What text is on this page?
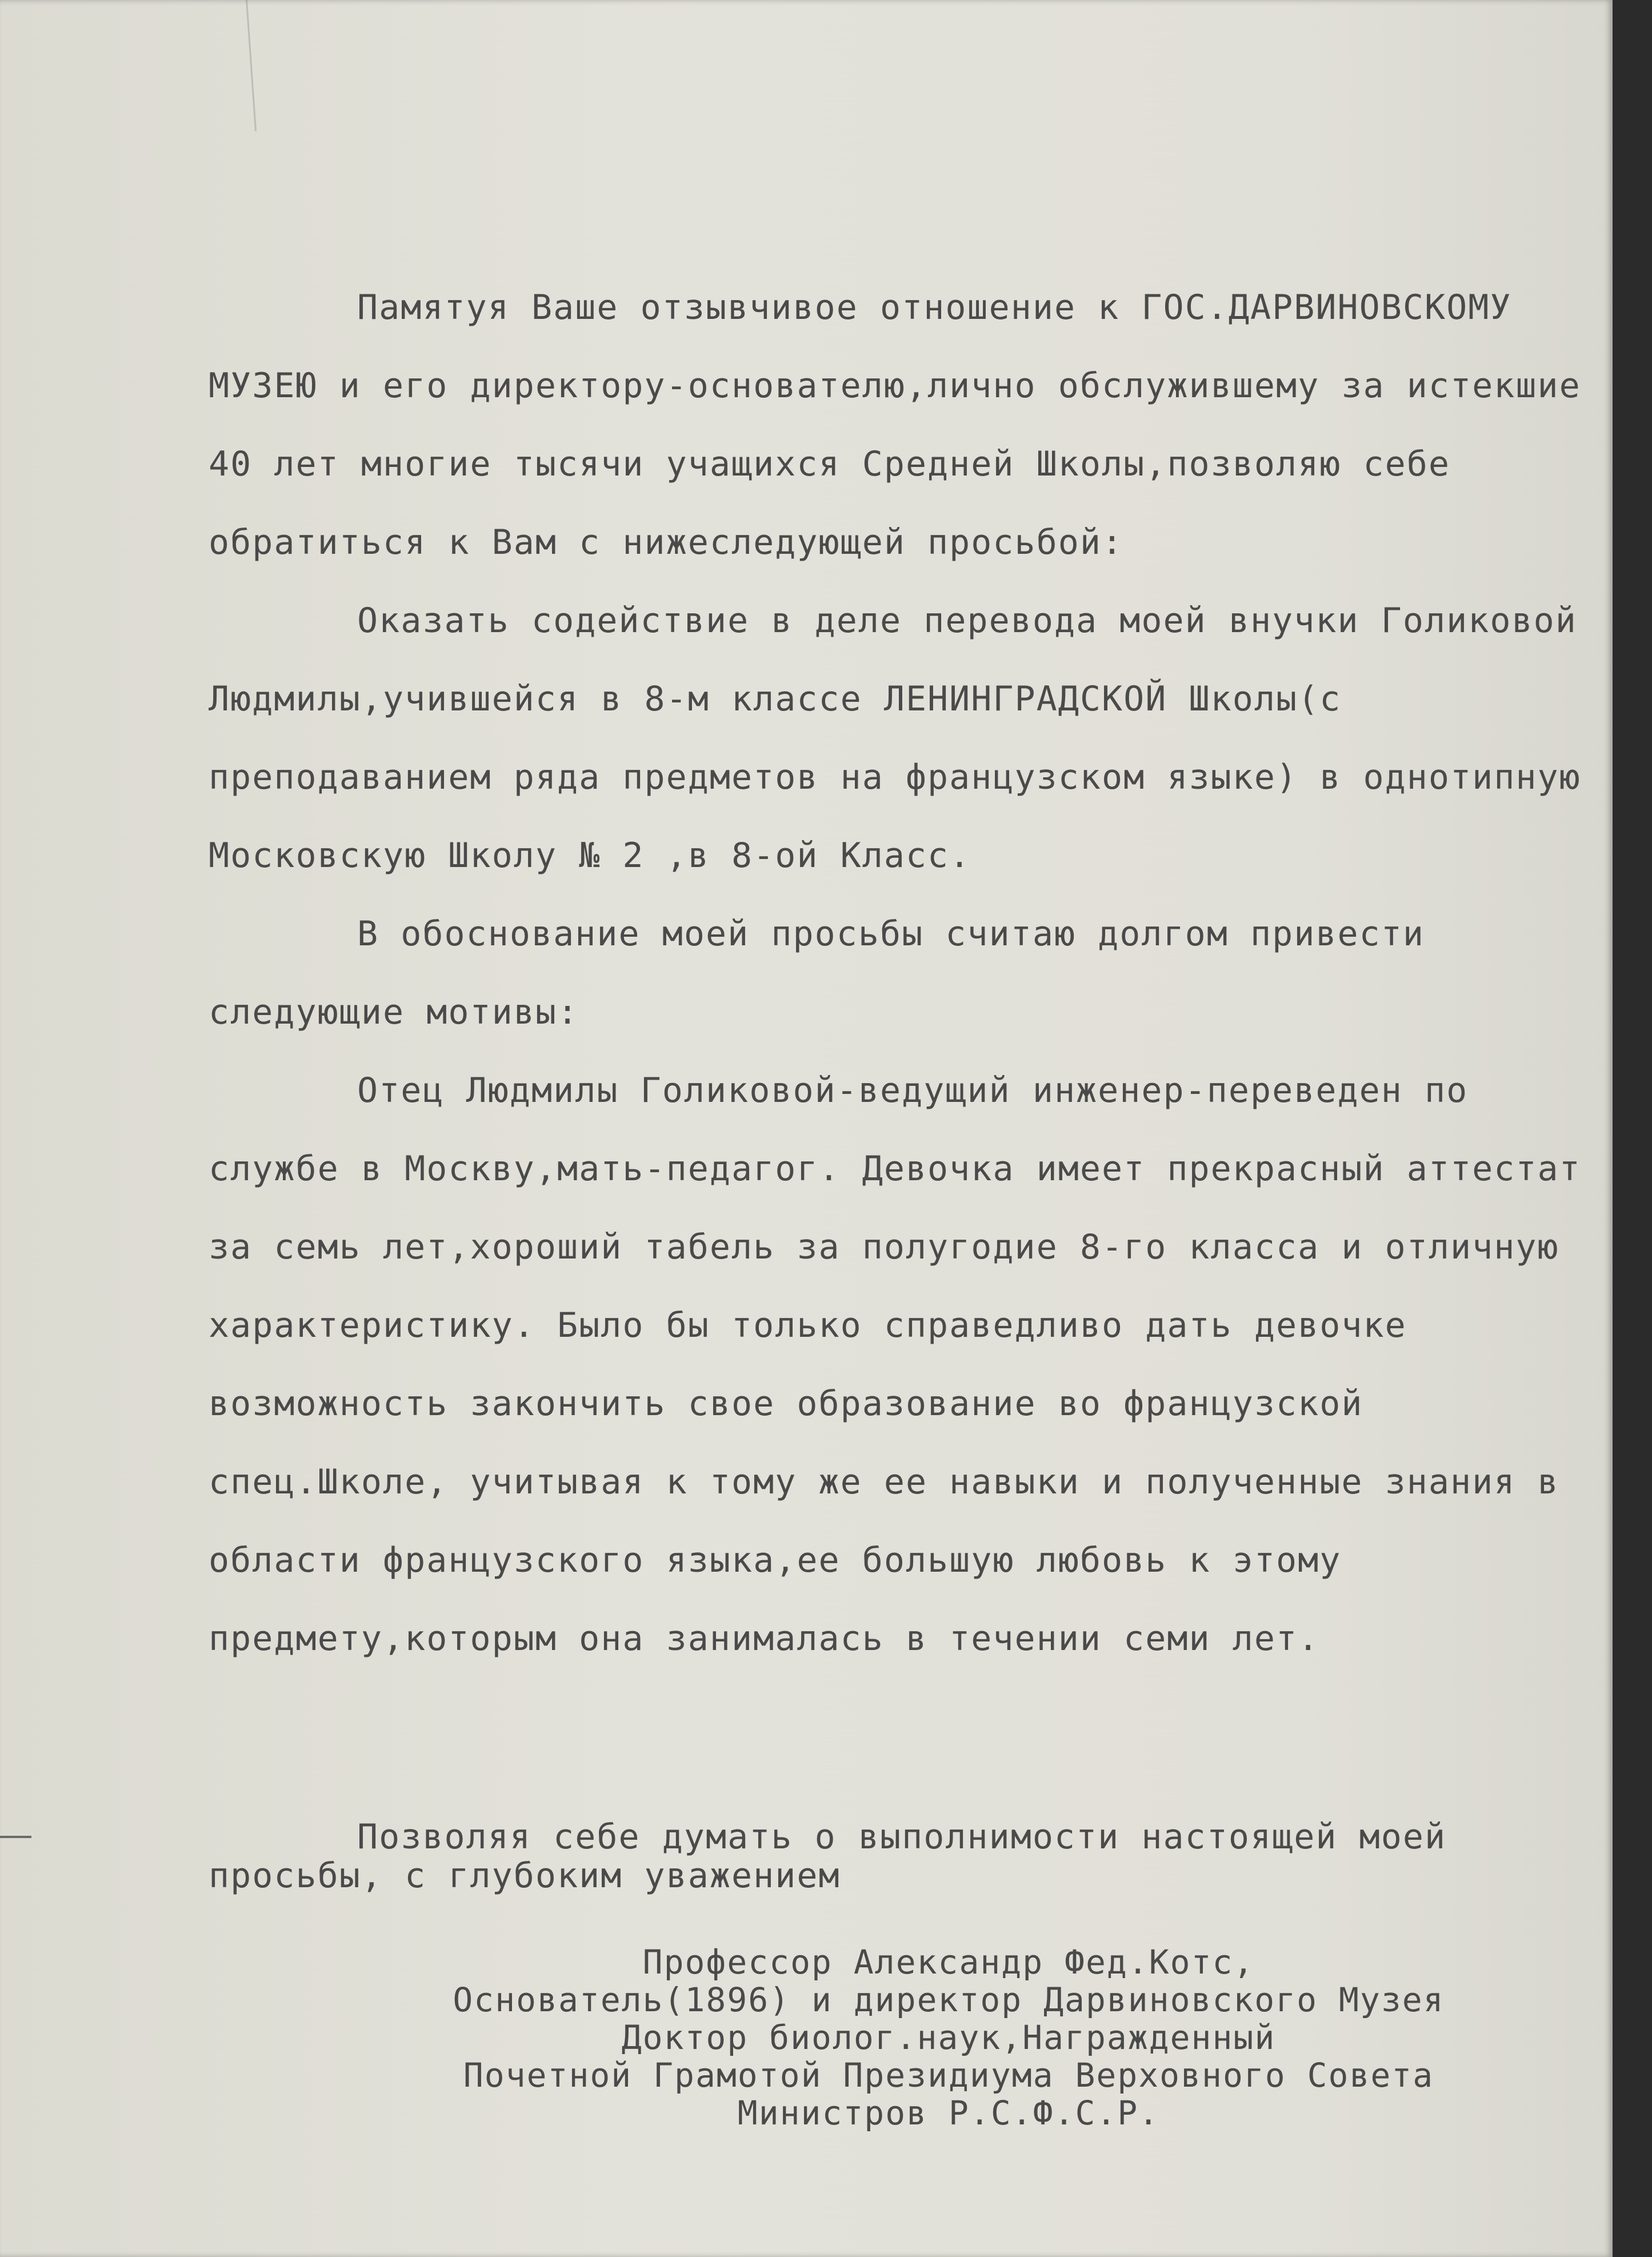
Памятуя Ваше отзывчивое отношение к ГОС.ДАРВИНОВСКОМУ МУЗЕЮ и его директору-основателю,лично обслужившему за истекшие 40 лет многие тысячи учащихся Средней Школы,позволяю себе обратиться к Вам с нижеследующей просьбой:

Оказать содействие в деле перевода моей внучки Голиковой Людмилы,учившейся в 8-м классе ЛЕНИНГРАДСКОЙ Школы(с преподаванием ряда предметов на французском языке) в однотипную Московскую Школу № 2 ,в 8-ой Класс.

В обоснование моей просьбы считаю долгом привести следующие мотивы:

Отец Людмилы Голиковой-ведущий инженер-переведен по службе в Москву,мать-педагог. Девочка имеет прекрасный аттестат за семь лет,хороший табель за полугодие 8-го класса и отличную характеристику. Было бы только справедливо дать девочке возможность закончить свое образование во французской спец.Школе, учитывая к тому же ее навыки и полученные знания в области французского языка,ее большую любовь к этому предмету,которым она занималась в течении семи лет.

Позволяя себе думать о выполнимости настоящей моей просьбы, с глубоким уважением
Профессор Александр Фед.Котс,
Основатель(1896) и директор Дарвиновского Музея
Доктор биолог.наук,Награжденный
Почетной Грамотой Президиума Верховного Совета
Министров Р.С.Ф.С.Р.
